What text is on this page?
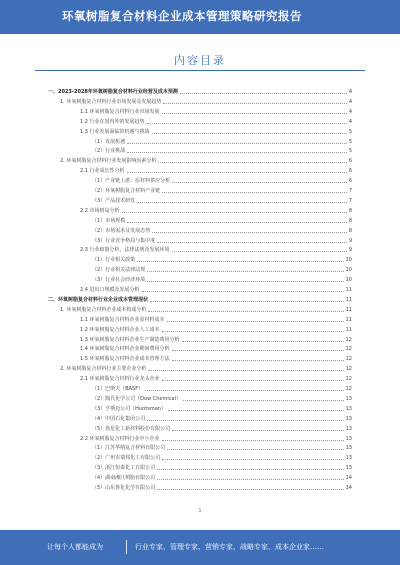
环氧树脂复合材料企业成本管理策略研究报告
内容目录
一、2023-2028年环氧树脂复合材料行业经营及成本预测	4
1. 环氧树脂复合材料行业市场发展及发展趋势	4
1.1 环氧树脂复合材料行业市场发展	4
1.2 行业在国内外的发展趋势	4
1.3 行业发展面临的机遇与挑战	5
（1）发展机遇	5
（2）行业挑战	5
2. 环氧树脂复合材料行业发展影响因素分析	6
2.1 行业成长性分析	6
（1）产业链上游：原材料供应分析	6
（2）环氧树脂复合材料产业链	7
（3）产品技术研发	7
2.2 市场格局分析	8
（1）市场规模	8
（2）市场需求及发展态势	8
（3）行业竞争格局与集中度	9
2.3 行业政策分析、法律法规及发展环境	9
（1）行业相关政策	10
（2）行业相关法律法规	10
（3）行业社会经济环境	10
2.4 进出口规模及发展分析	11
二、环氧树脂复合材料行业企业成本管理现状	11
1. 环氧树脂复合材料企业成本构成分析	11
1.1 环氧树脂复合材料企业原材料成本	11
1.2 环氧树脂复合材料企业人工成本	11
1.3 环氧树脂复合材料企业生产制造费用分析	12
1.4 环氧树脂复合材料企业期间费用分析	12
1.5 环氧树脂复合材料企业成本管理方法	12
2. 环氧树脂复合材料行业主要企业分析	12
2.1 环氧树脂复合材料行业龙头企业	12
（1）巴斯夫（BASF）	12
（2）陶氏化学公司（Dow Chemical）	13
（3）亨斯迈公司（Huntsman）	13
（4）中国石化集团公司	13
（5）蓝星化工新材料股份有限公司	13
2.2 环氧树脂复合材料行业中小企业	13
（1）江苏华纳复合材料有限公司	13
（2）广州市瑞邦化工有限公司	13
（3）浙江恒泰化工有限公司	13
（4）湖南湘江树脂有限公司	14
（5）山东鲁化化学有限公司	14
1
让每个人都能成为	行业专家、管理专家、营销专家、战略专家、成本企业家……
